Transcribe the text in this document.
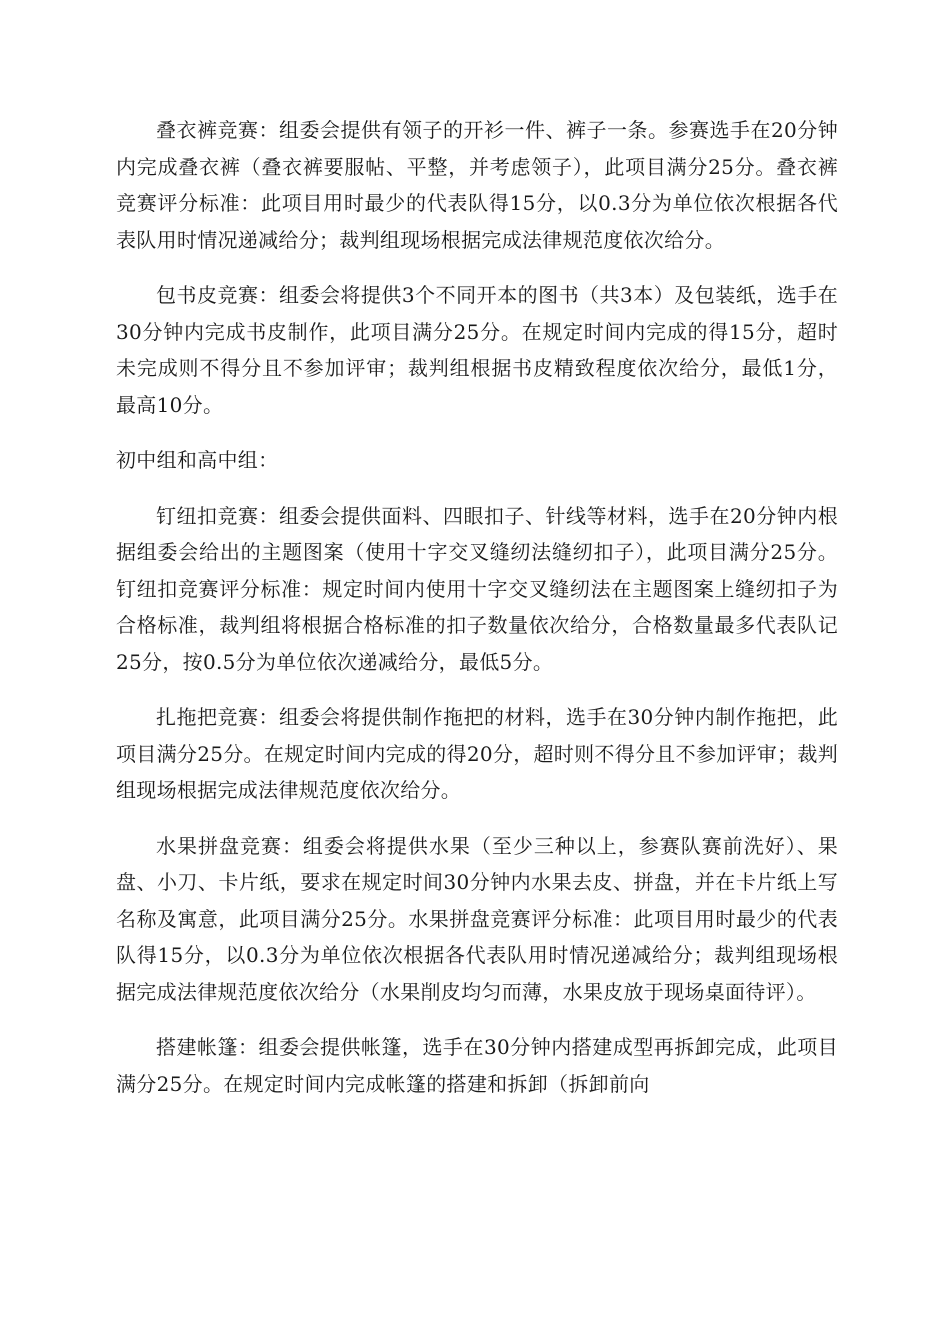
叠衣裤竞赛：组委会提供有领子的开衫一件、裤子一条。参赛选手在20分钟内完成叠衣裤（叠衣裤要服帖、平整，并考虑领子），此项目满分25分。叠衣裤竞赛评分标准：此项目用时最少的代表队得15分，以0.3分为单位依次根据各代表队用时情况递减给分；裁判组现场根据完成法律规范度依次给分。

包书皮竞赛：组委会将提供3个不同开本的图书（共3本）及包装纸，选手在30分钟内完成书皮制作，此项目满分25分。在规定时间内完成的得15分，超时未完成则不得分且不参加评审；裁判组根据书皮精致程度依次给分，最低1分，最高10分。

初中组和高中组：

钉纽扣竞赛：组委会提供面料、四眼扣子、针线等材料，选手在20分钟内根据组委会给出的主题图案（使用十字交叉缝纫法缝纫扣子），此项目满分25分。钉纽扣竞赛评分标准：规定时间内使用十字交叉缝纫法在主题图案上缝纫扣子为合格标准，裁判组将根据合格标准的扣子数量依次给分，合格数量最多代表队记25分，按0.5分为单位依次递减给分，最低5分。

扎拖把竞赛：组委会将提供制作拖把的材料，选手在30分钟内制作拖把，此项目满分25分。在规定时间内完成的得20分，超时则不得分且不参加评审；裁判组现场根据完成法律规范度依次给分。

水果拼盘竞赛：组委会将提供水果（至少三种以上，参赛队赛前洗好）、果盘、小刀、卡片纸，要求在规定时间30分钟内水果去皮、拼盘，并在卡片纸上写名称及寓意，此项目满分25分。水果拼盘竞赛评分标准：此项目用时最少的代表队得15分，以0.3分为单位依次根据各代表队用时情况递减给分；裁判组现场根据完成法律规范度依次给分（水果削皮均匀而薄，水果皮放于现场桌面待评）。

搭建帐篷：组委会提供帐篷，选手在30分钟内搭建成型再拆卸完成，此项目满分25分。在规定时间内完成帐篷的搭建和拆卸（拆卸前向
